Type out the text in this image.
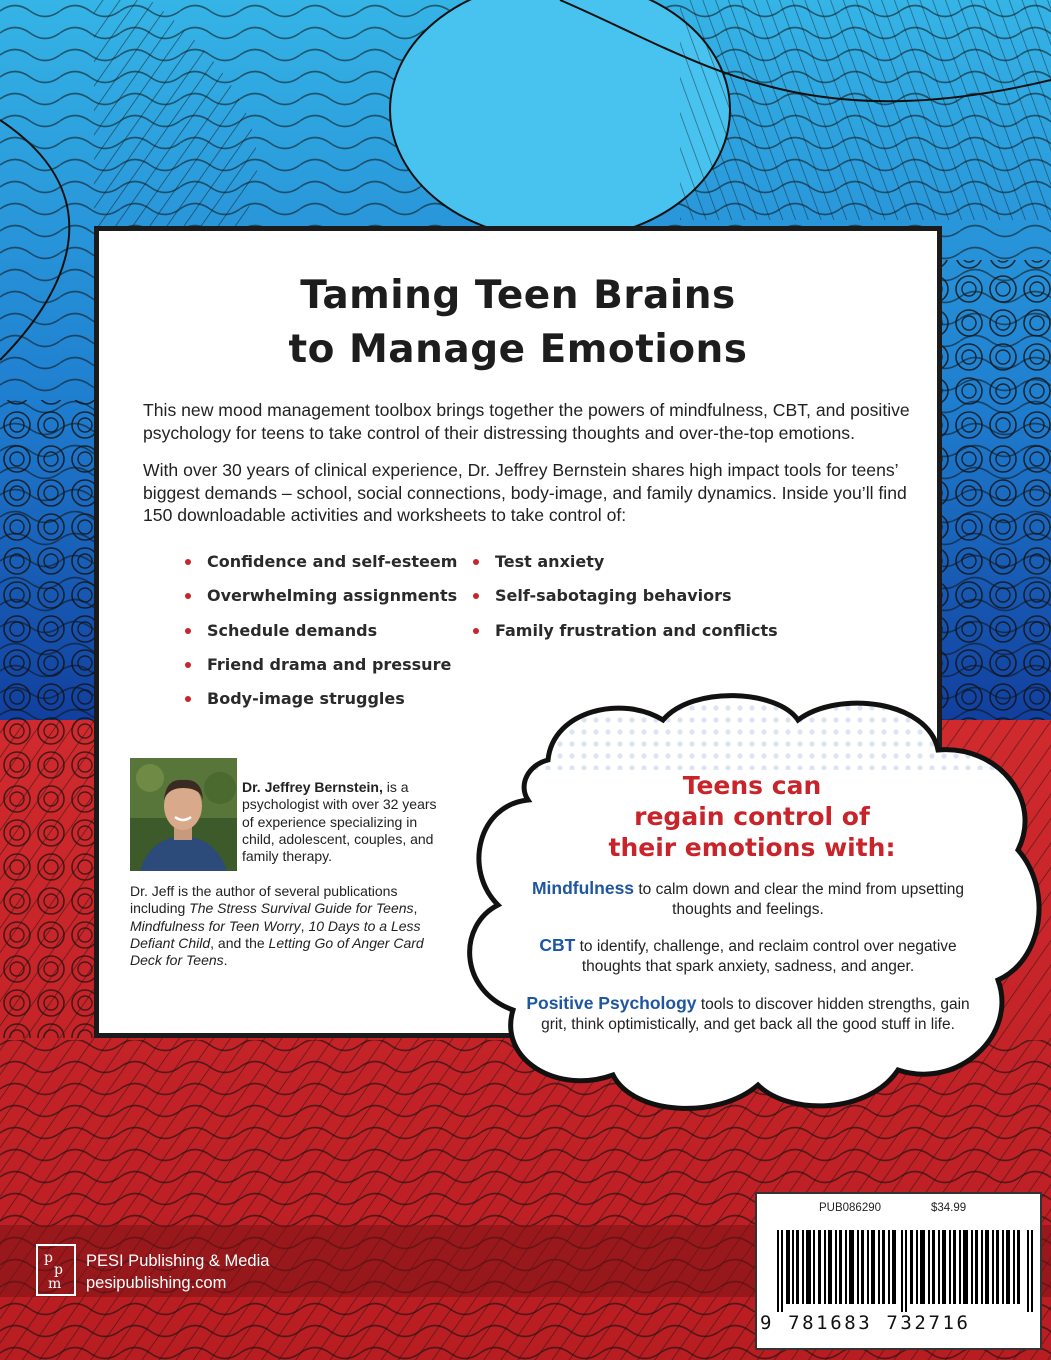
Taming Teen Brains
to Manage Emotions

This new mood management toolbox brings together the powers of mindfulness, CBT, and positive psychology for teens to take control of their distressing thoughts and over-the-top emotions.

With over 30 years of clinical experience, Dr. Jeffrey Bernstein shares high impact tools for teens’ biggest demands – school, social connections, body-image, and family dynamics. Inside you’ll find 150 downloadable activities and worksheets to take control of:

Confidence and self-esteem
Overwhelming assignments
Schedule demands
Friend drama and pressure
Body-image struggles
Test anxiety
Self-sabotaging behaviors
Family frustration and conflicts

Dr. Jeffrey Bernstein, is a psychologist with over 32 years of experience specializing in child, adolescent, couples, and family therapy.

Dr. Jeff is the author of several publications including The Stress Survival Guide for Teens, Mindfulness for Teen Worry, 10 Days to a Less Defiant Child, and the Letting Go of Anger Card Deck for Teens.

Teens can
regain control of
their emotions with:

Mindfulness to calm down and clear the mind from upsetting thoughts and feelings.

CBT to identify, challenge, and reclaim control over negative thoughts that spark anxiety, sadness, and anger.

Positive Psychology tools to discover hidden strengths, gain grit, think optimistically, and get back all the good stuff in life.

PUB086290	$34.99
9 781683 732716
p
p
m
PESI Publishing & Media
pesipublishing.com
